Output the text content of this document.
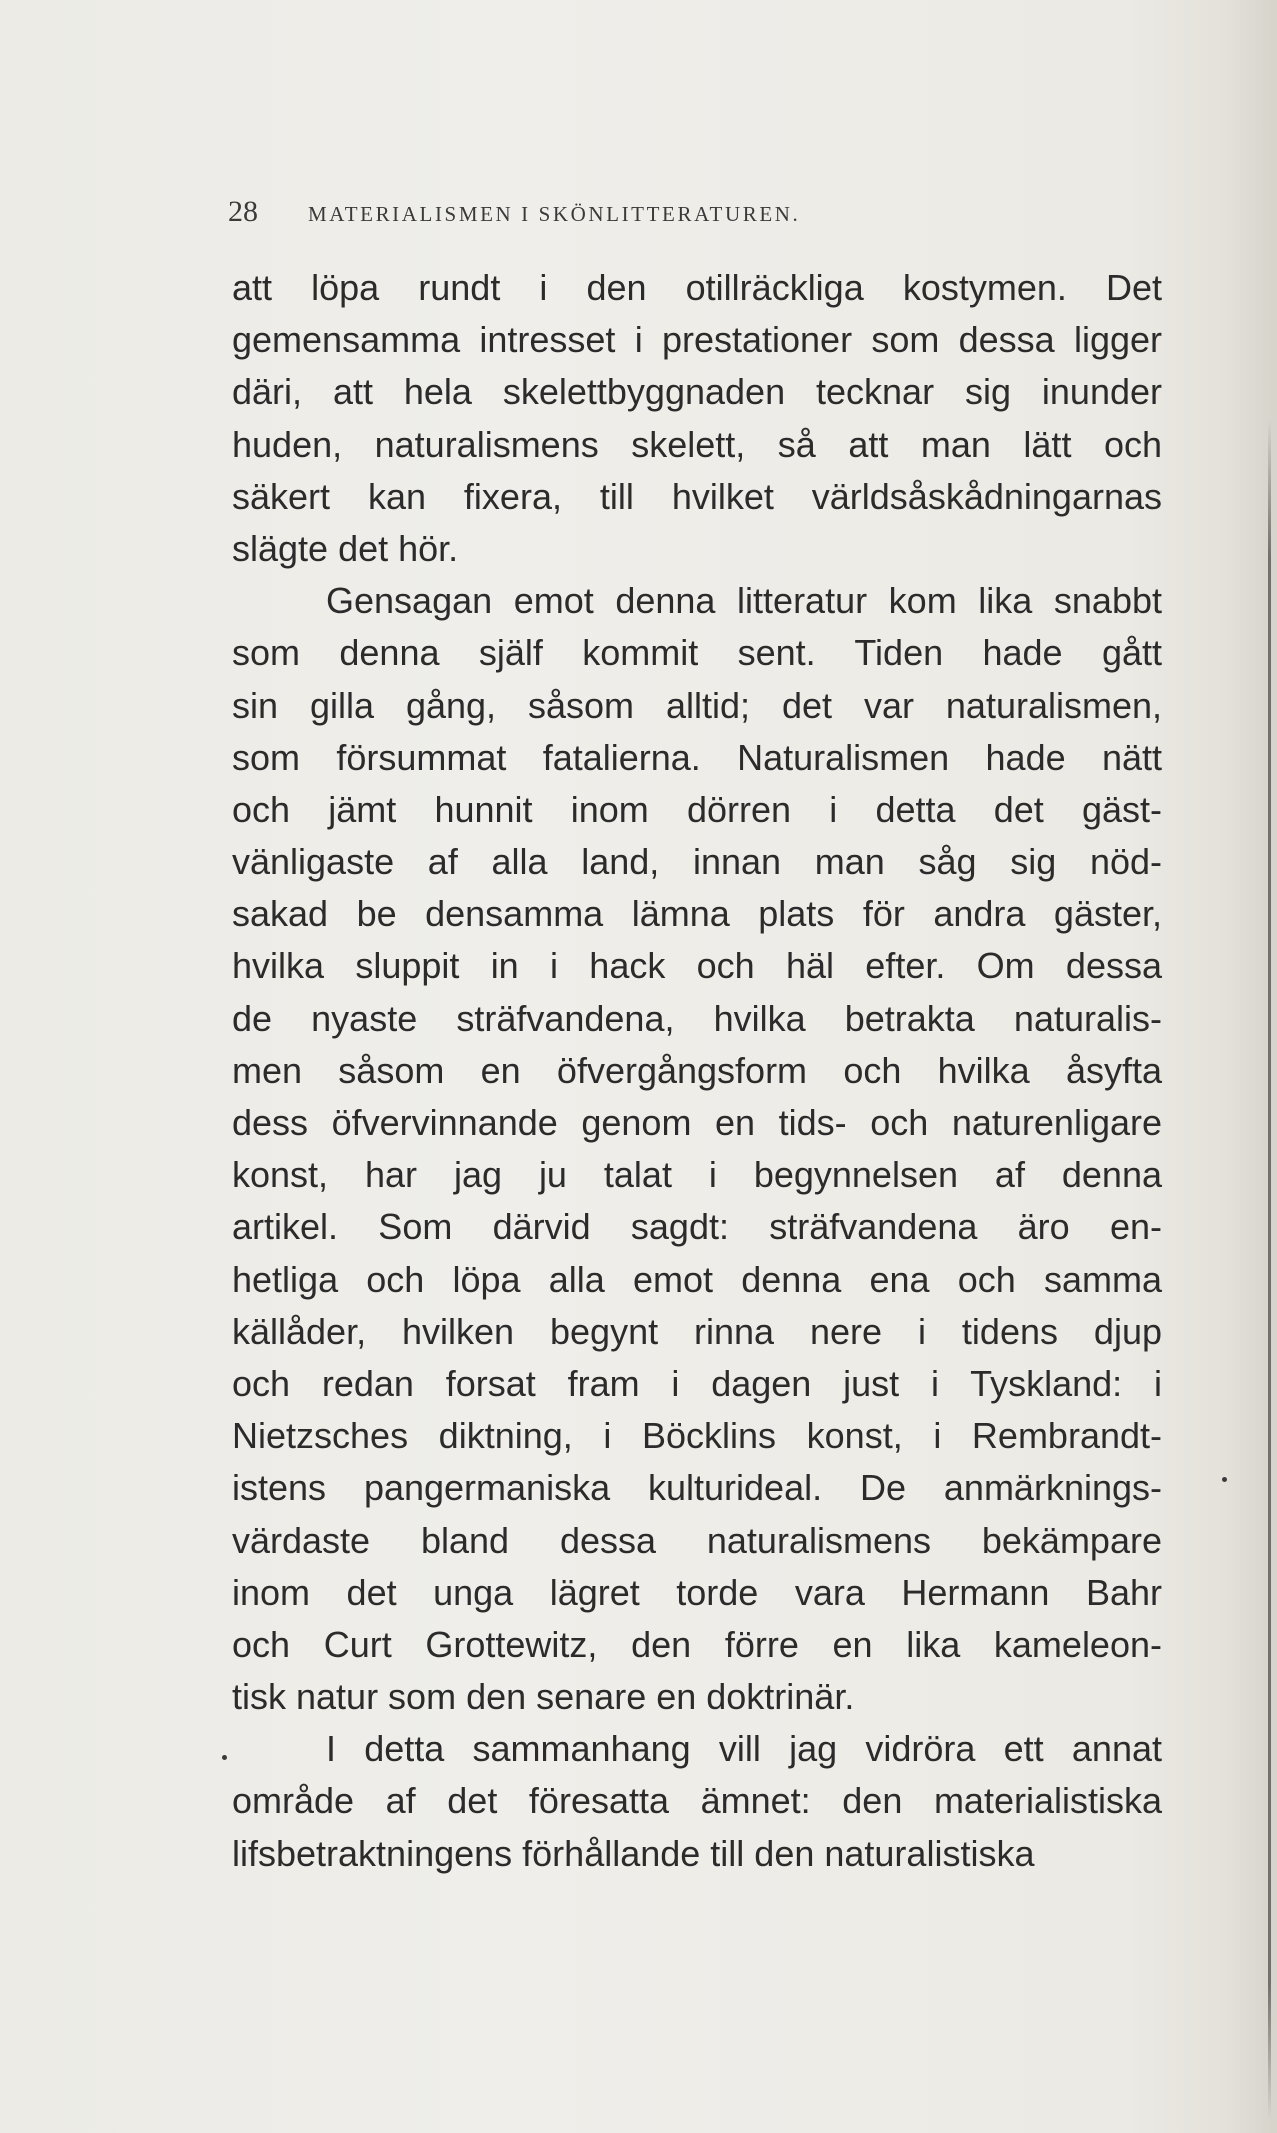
28 MATERIALISMEN I SKÖNLITTERATUREN.
att löpa rundt i den otillräckliga kostymen. Det
gemensamma intresset i prestationer som dessa ligger
däri, att hela skelettbyggnaden tecknar sig inunder
huden, naturalismens skelett, så att man lätt och
säkert kan fixera, till hvilket världsåskådningarnas
slägte det hör.
Gensagan emot denna litteratur kom lika snabbt
som denna själf kommit sent. Tiden hade gått
sin gilla gång, såsom alltid; det var naturalismen,
som försummat fatalierna. Naturalismen hade nätt
och jämt hunnit inom dörren i detta det gäst-
vänligaste af alla land, innan man såg sig nöd-
sakad be densamma lämna plats för andra gäster,
hvilka sluppit in i hack och häl efter. Om dessa
de nyaste sträfvandena, hvilka betrakta naturalis-
men såsom en öfvergångsform och hvilka åsyfta
dess öfvervinnande genom en tids- och naturenligare
konst, har jag ju talat i begynnelsen af denna
artikel. Som därvid sagdt: sträfvandena äro en-
hetliga och löpa alla emot denna ena och samma
källåder, hvilken begynt rinna nere i tidens djup
och redan forsat fram i dagen just i Tyskland: i
Nietzsches diktning, i Böcklins konst, i Rembrandt-
istens pangermaniska kulturideal. De anmärknings-
värdaste bland dessa naturalismens bekämpare
inom det unga lägret torde vara Hermann Bahr
och Curt Grottewitz, den förre en lika kameleon-
tisk natur som den senare en doktrinär.
I detta sammanhang vill jag vidröra ett annat
område af det föresatta ämnet: den materialistiska
lifsbetraktningens förhållande till den naturalistiska
